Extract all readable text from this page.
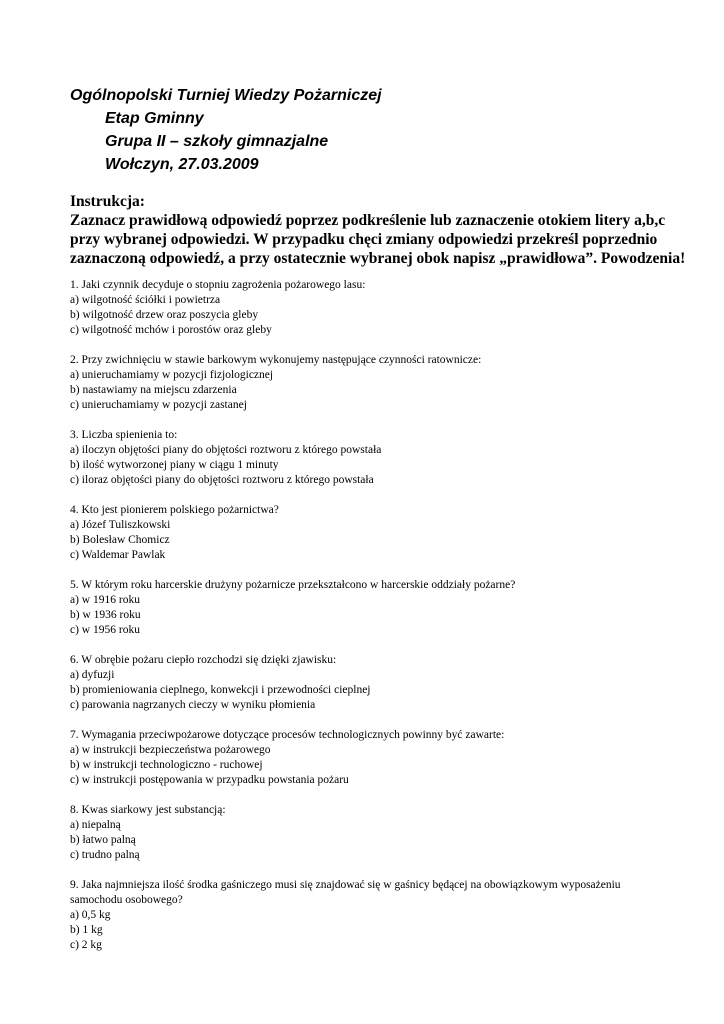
Ogólnopolski Turniej Wiedzy Pożarniczej

Etap Gminny

Grupa II – szkoły gimnazjalne

Wołczyn, 27.03.2009

Instrukcja:

Zaznacz prawidłową odpowiedź poprzez podkreślenie lub zaznaczenie otokiem litery a,b,c

przy wybranej odpowiedzi. W przypadku chęci zmiany odpowiedzi przekreśl poprzednio

zaznaczoną odpowiedź, a przy ostatecznie wybranej obok napisz „prawidłowa”. Powodzenia!

1. Jaki czynnik decyduje o stopniu zagrożenia pożarowego lasu:

a) wilgotność ściółki i powietrza

b) wilgotność drzew oraz poszycia gleby

c) wilgotność mchów i porostów oraz gleby

2. Przy zwichnięciu w stawie barkowym wykonujemy następujące czynności ratownicze:

a) unieruchamiamy w pozycji fizjologicznej

b) nastawiamy na miejscu zdarzenia

c) unieruchamiamy w pozycji zastanej

3. Liczba spienienia to:

a) iloczyn objętości piany do objętości roztworu z którego powstała

b) ilość wytworzonej piany w ciągu 1 minuty

c) iloraz objętości piany do objętości roztworu z którego powstała

4. Kto jest pionierem polskiego pożarnictwa?

a) Józef Tuliszkowski

b) Bolesław Chomicz

c) Waldemar Pawlak

5. W którym roku harcerskie drużyny pożarnicze przekształcono w harcerskie oddziały pożarne?

a) w 1916 roku

b) w 1936 roku

c) w 1956 roku

6. W obrębie pożaru ciepło rozchodzi się dzięki zjawisku:

a) dyfuzji

b) promieniowania cieplnego, konwekcji i przewodności cieplnej

c) parowania nagrzanych cieczy w wyniku płomienia

7. Wymagania przeciwpożarowe dotyczące procesów technologicznych powinny być zawarte:

a) w instrukcji bezpieczeństwa pożarowego

b) w instrukcji technologiczno - ruchowej

c) w instrukcji postępowania w przypadku powstania pożaru

8. Kwas siarkowy jest substancją:

a) niepalną

b) łatwo palną

c) trudno palną

9. Jaka najmniejsza ilość środka gaśniczego musi się znajdować się w gaśnicy będącej na obowiązkowym wyposażeniu samochodu osobowego?

a) 0,5 kg

b) 1 kg

c) 2 kg
